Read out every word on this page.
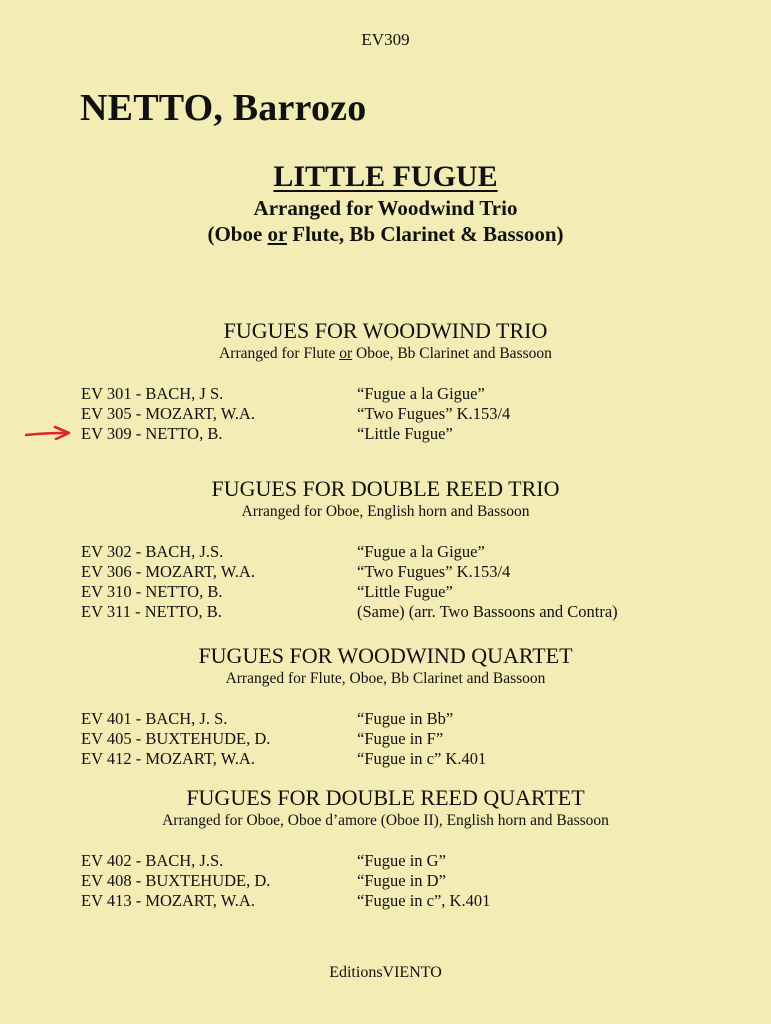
EV309
NETTO, Barrozo
LITTLE FUGUE
Arranged for Woodwind Trio
(Oboe or Flute, Bb Clarinet & Bassoon)
FUGUES FOR WOODWIND TRIO
Arranged for Flute or Oboe, Bb Clarinet and Bassoon
EV 301 - BACH, J S.	“Fugue a la Gigue”
EV 305 - MOZART, W.A.	“Two Fugues” K.153/4
EV 309 - NETTO, B.	“Little Fugue”
FUGUES FOR DOUBLE REED TRIO
Arranged for Oboe, English horn and Bassoon
EV 302 - BACH, J.S.	“Fugue a la Gigue”
EV 306 - MOZART, W.A.	“Two Fugues” K.153/4
EV 310 - NETTO, B.	“Little Fugue”
EV 311 - NETTO, B.	(Same) (arr. Two Bassoons and Contra)
FUGUES FOR WOODWIND QUARTET
Arranged for Flute, Oboe, Bb Clarinet and Bassoon
EV 401 - BACH, J. S.	“Fugue in Bb”
EV 405 - BUXTEHUDE, D.	“Fugue in F”
EV 412 - MOZART, W.A.	“Fugue in c” K.401
FUGUES FOR DOUBLE REED QUARTET
Arranged for Oboe, Oboe d’amore (Oboe II), English horn and Bassoon
EV 402 - BACH, J.S.	“Fugue in G”
EV 408 - BUXTEHUDE, D.	“Fugue in D”
EV 413 - MOZART, W.A.	“Fugue in c”, K.401
EditionsVIENTO
